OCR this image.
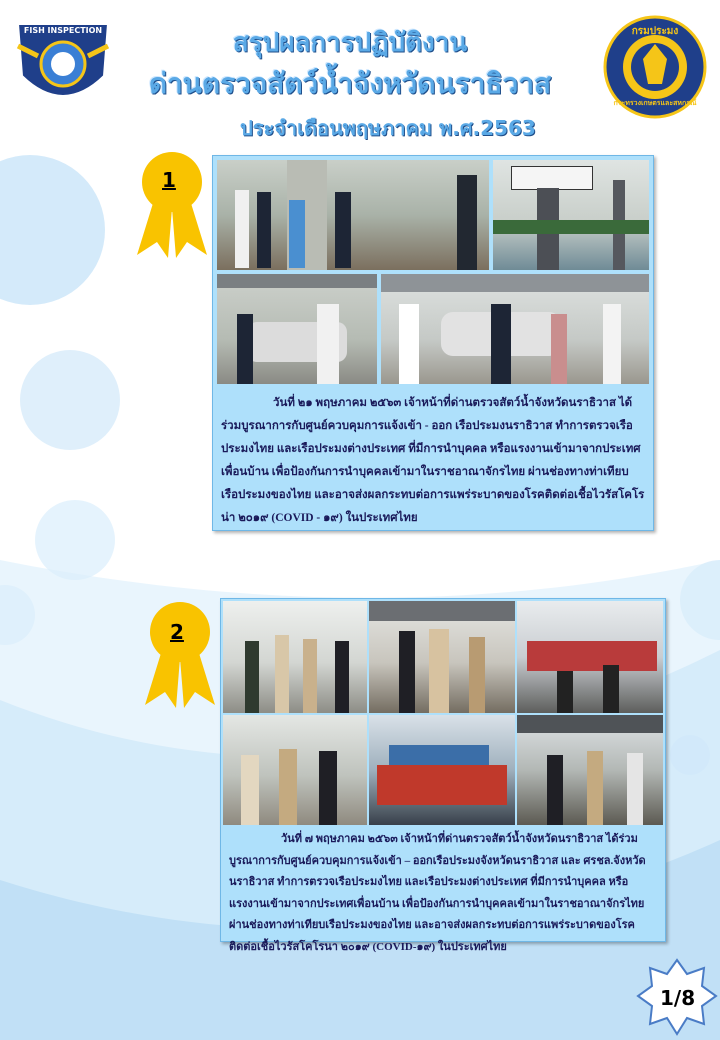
FISH INSPECTION	กรมประมง
กระทรวงเกษตรและสหกรณ์
สรุปผลการปฏิบัติงาน
ด่านตรวจสัตว์น้ำจังหวัดนราธิวาส
ประจำเดือนพฤษภาคม พ.ศ.2563
1
วันที่ ๒๑ พฤษภาคม ๒๕๖๓ เจ้าหน้าที่ด่านตรวจสัตว์น้ำจังหวัดนราธิวาส ได้ร่วมบูรณาการกับศูนย์ควบคุมการแจ้งเข้า - ออก เรือประมงนราธิวาส ทำการตรวจเรือประมงไทย และเรือประมงต่างประเทศ ที่มีการนำบุคคล หรือแรงงานเข้ามาจากประเทศเพื่อนบ้าน เพื่อป้องกันการนำบุคคลเข้ามาในราชอาณาจักรไทย ผ่านช่องทางท่าเทียบเรือประมงของไทย และอาจส่งผลกระทบต่อการแพร่ระบาดของโรคติดต่อเชื้อไวรัสโคโรน่า ๒๐๑๙ (COVID - ๑๙) ในประเทศไทย
2
วันที่ ๗ พฤษภาคม ๒๕๖๓ เจ้าหน้าที่ด่านตรวจสัตว์น้ำจังหวัดนราธิวาส ได้ร่วมบูรณาการกับศูนย์ควบคุมการแจ้งเข้า – ออกเรือประมงจังหวัดนราธิวาส และ ศรชล.จังหวัดนราธิวาส ทำการตรวจเรือประมงไทย และเรือประมงต่างประเทศ ที่มีการนำบุคคล หรือแรงงานเข้ามาจากประเทศเพื่อนบ้าน เพื่อป้องกันการนำบุคคลเข้ามาในราชอาณาจักรไทยผ่านช่องทางท่าเทียบเรือประมงของไทย และอาจส่งผลกระทบต่อการแพร่ระบาดของโรคติดต่อเชื้อไวรัสโคโรนา ๒๐๑๙ (COVID-๑๙) ในประเทศไทย
1/8
